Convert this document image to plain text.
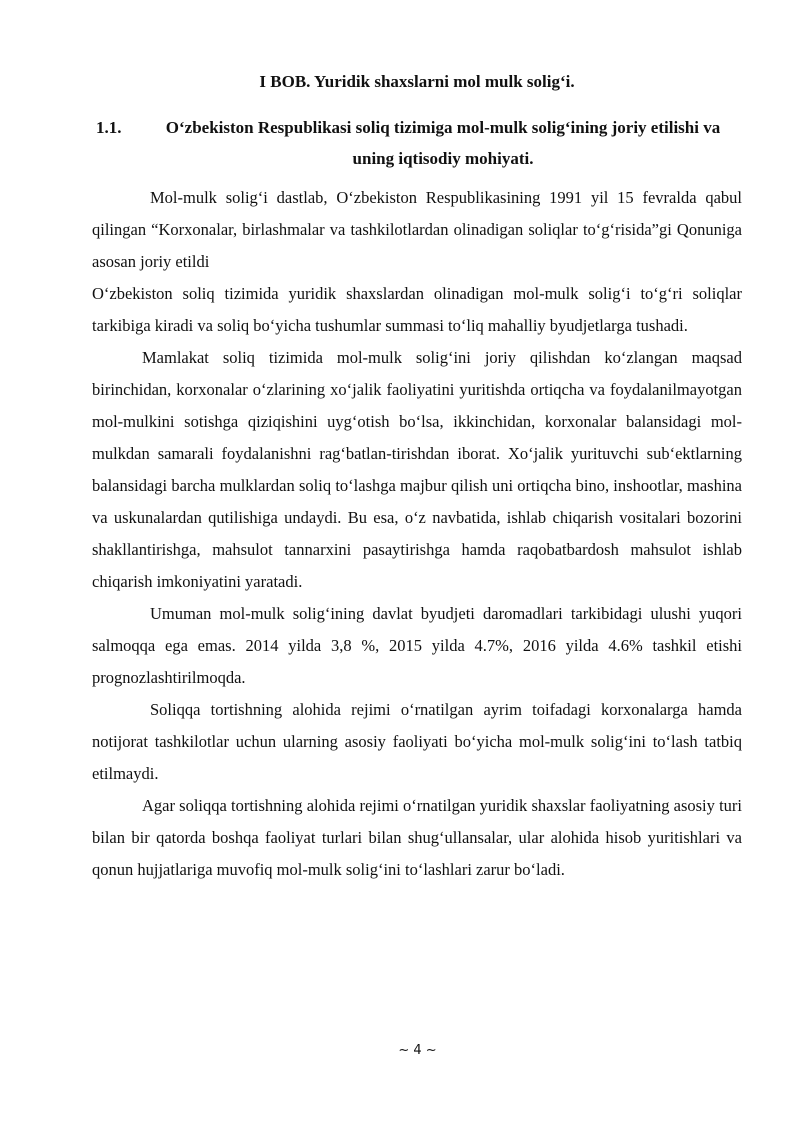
I BOB. Yuridik shaxslarni mol mulk solig‘i.
1.1.	O‘zbekiston Respublikasi soliq tizimiga mol-mulk solig‘ining joriy etilishi va uning iqtisodiy mohiyati.

Mol-mulk solig‘i dastlab, O‘zbekiston Respublikasining 1991 yil 15 fevralda qabul qilingan “Korxonalar, birlashmalar va tashkilotlardan olinadigan soliqlar to‘g‘risida”gi Qonuniga asosan joriy etildi

O‘zbekiston soliq tizimida yuridik shaxslardan olinadigan mol-mulk solig‘i to‘g‘ri soliqlar tarkibiga kiradi va soliq bo‘yicha tushumlar summasi to‘liq mahalliy byudjetlarga tushadi.

Mamlakat soliq tizimida mol-mulk solig‘ini joriy qilishdan ko‘zlangan maqsad birinchidan, korxonalar o‘zlarining xo‘jalik faoliyatini yuritishda ortiqcha va foydalanilmayotgan mol-mulkini sotishga qiziqishini uyg‘otish bo‘lsa, ikkinchidan, korxonalar balansidagi mol-mulkdan samarali foydalanishni rag‘batlan-tirishdan iborat. Xo‘jalik yurituvchi sub‘ektlarning balansidagi barcha mulklardan soliq to‘lashga majbur qilish uni ortiqcha bino, inshootlar, mashina va uskunalardan qutilishiga undaydi. Bu esa, o‘z navbatida, ishlab chiqarish vositalari bozorini shakllantirishga, mahsulot tannarxini pasaytirishga hamda raqobatbardosh mahsulot ishlab chiqarish imkoniyatini yaratadi.

Umuman mol-mulk solig‘ining davlat byudjeti daromadlari tarkibidagi ulushi yuqori salmoqqa ega emas. 2014 yilda 3,8 %, 2015 yilda 4.7%, 2016 yilda 4.6% tashkil etishi prognozlashtirilmoqda.

Soliqqa tortishning alohida rejimi o‘rnatilgan ayrim toifadagi korxonalarga hamda notijorat tashkilotlar uchun ularning asosiy faoliyati bo‘yicha mol-mulk solig‘ini to‘lash tatbiq etilmaydi.

Agar soliqqa tortishning alohida rejimi o‘rnatilgan yuridik shaxslar faoliyatning asosiy turi bilan bir qatorda boshqa faoliyat turlari bilan shug‘ullansalar, ular alohida hisob yuritishlari va qonun hujjatlariga muvofiq mol-mulk solig‘ini to‘lashlari zarur bo‘ladi.

~ 4 ~
